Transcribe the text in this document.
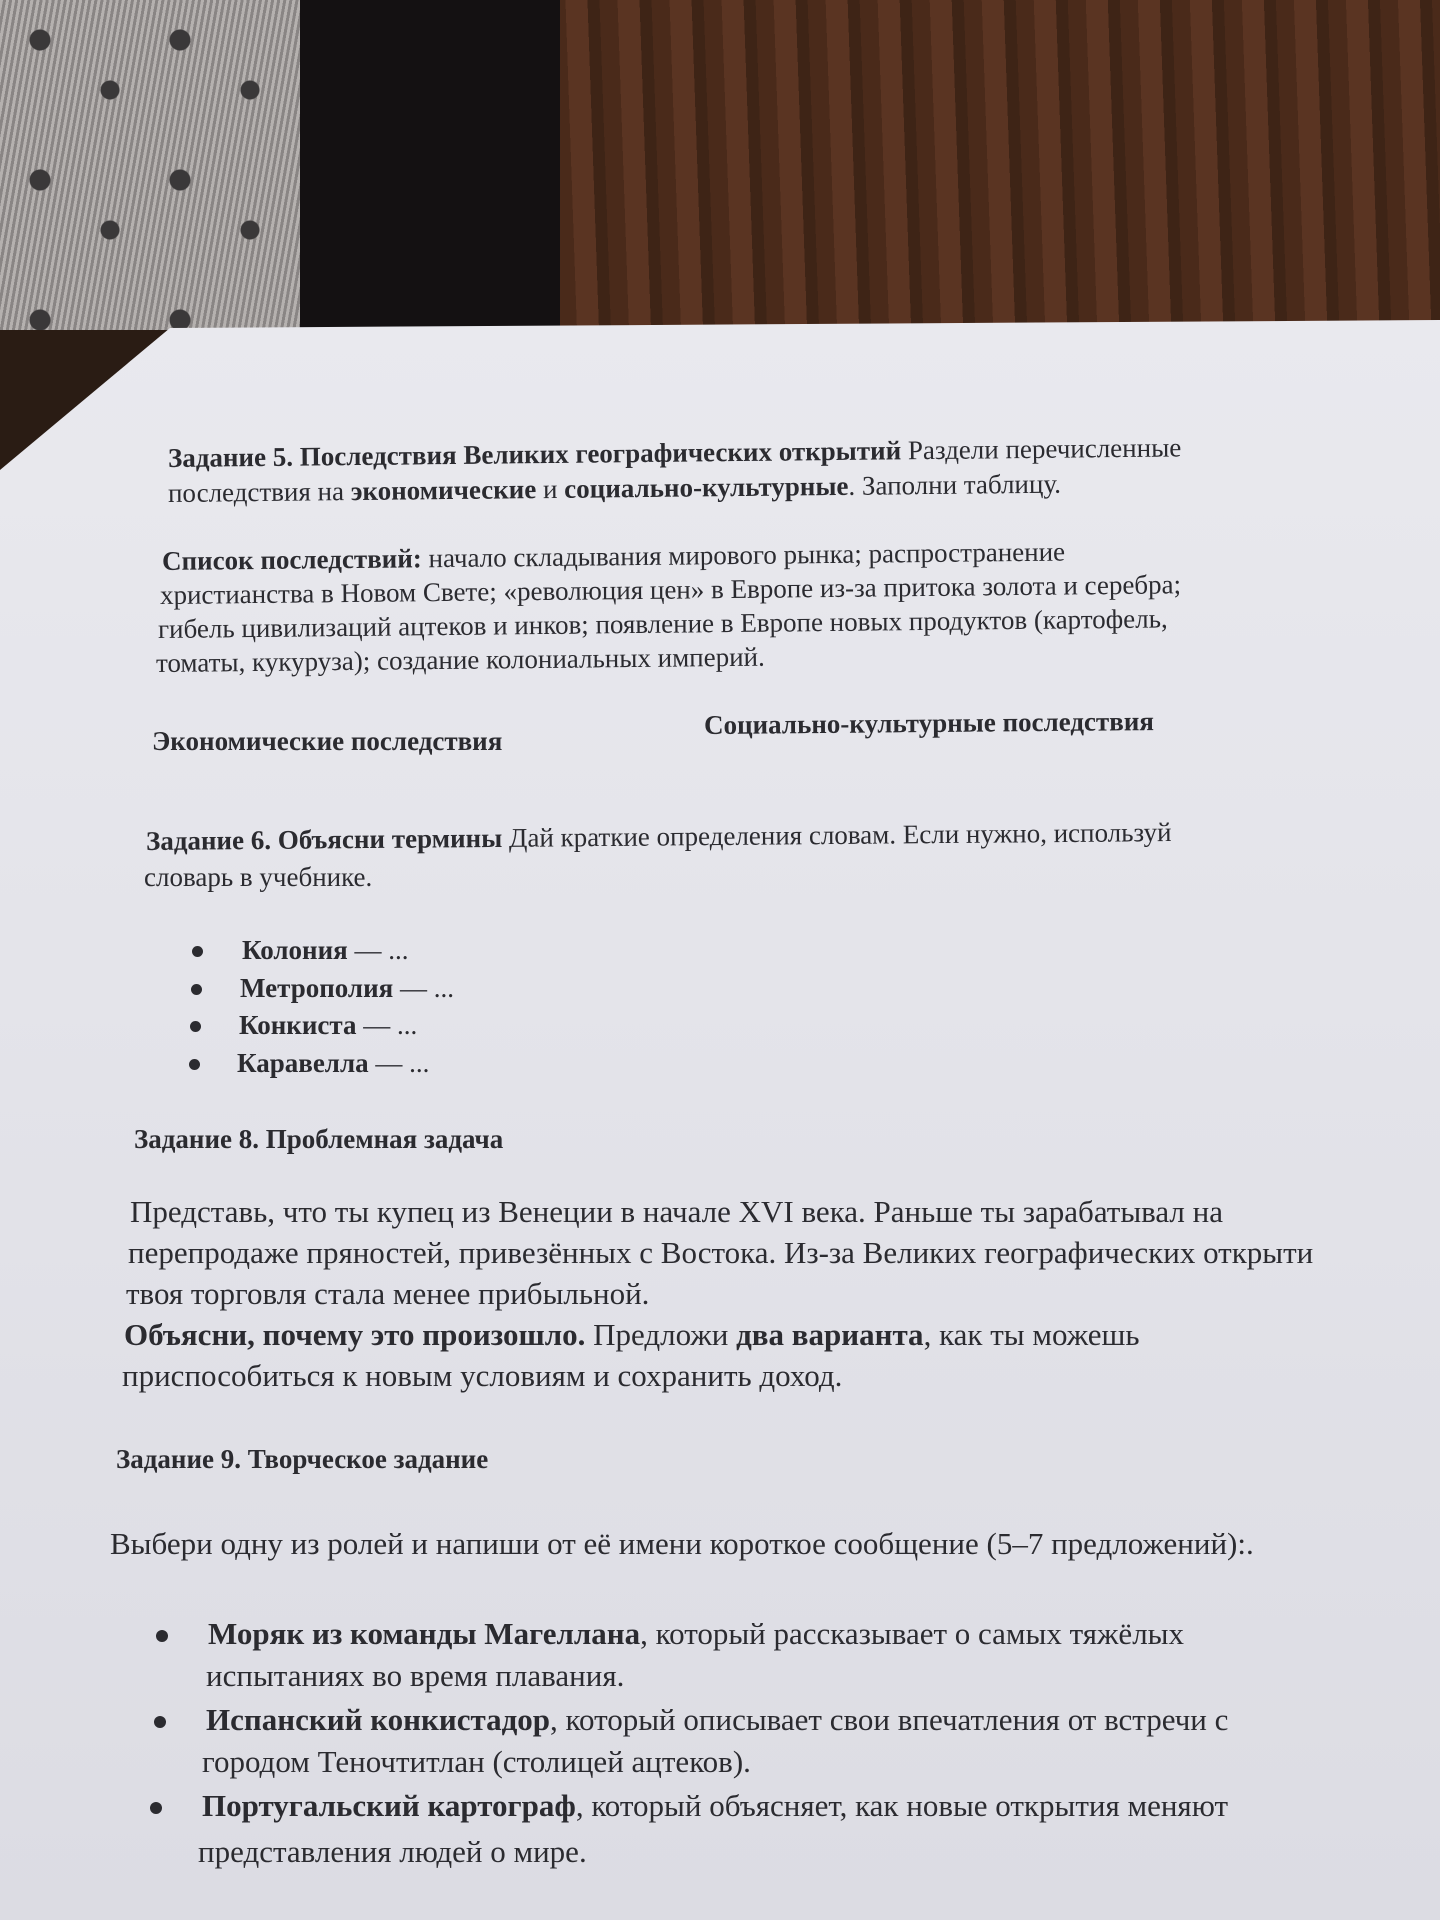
Задание 5. Последствия Великих географических открытий Раздели перечисленные
последствия на экономические и социально-культурные. Заполни таблицу.
Список последствий: начало складывания мирового рынка; распространение
христианства в Новом Свете; «революция цен» в Европе из-за притока золота и серебра;
гибель цивилизаций ацтеков и инков; появление в Европе новых продуктов (картофель,
томаты, кукуруза); создание колониальных империй.
Экономические последствия
Социально-культурные последствия
Задание 6. Объясни термины Дай краткие определения словам. Если нужно, используй
словарь в учебнике.
Колония — ...
Метрополия — ...
Конкиста — ...
Каравелла — ...
Задание 8. Проблемная задача
Представь, что ты купец из Венеции в начале XVI века. Раньше ты зарабатывал на
перепродаже пряностей, привезённых с Востока. Из-за Великих географических открыти
твоя торговля стала менее прибыльной.
Объясни, почему это произошло. Предложи два варианта, как ты можешь
приспособиться к новым условиям и сохранить доход.
Задание 9. Творческое задание
Выбери одну из ролей и напиши от её имени короткое сообщение (5–7 предложений):.
Моряк из команды Магеллана, который рассказывает о самых тяжёлых
испытаниях во время плавания.
Испанский конкистадор, который описывает свои впечатления от встречи с
городом Теночтитлан (столицей ацтеков).
Португальский картограф, который объясняет, как новые открытия меняют
представления людей о мире.
